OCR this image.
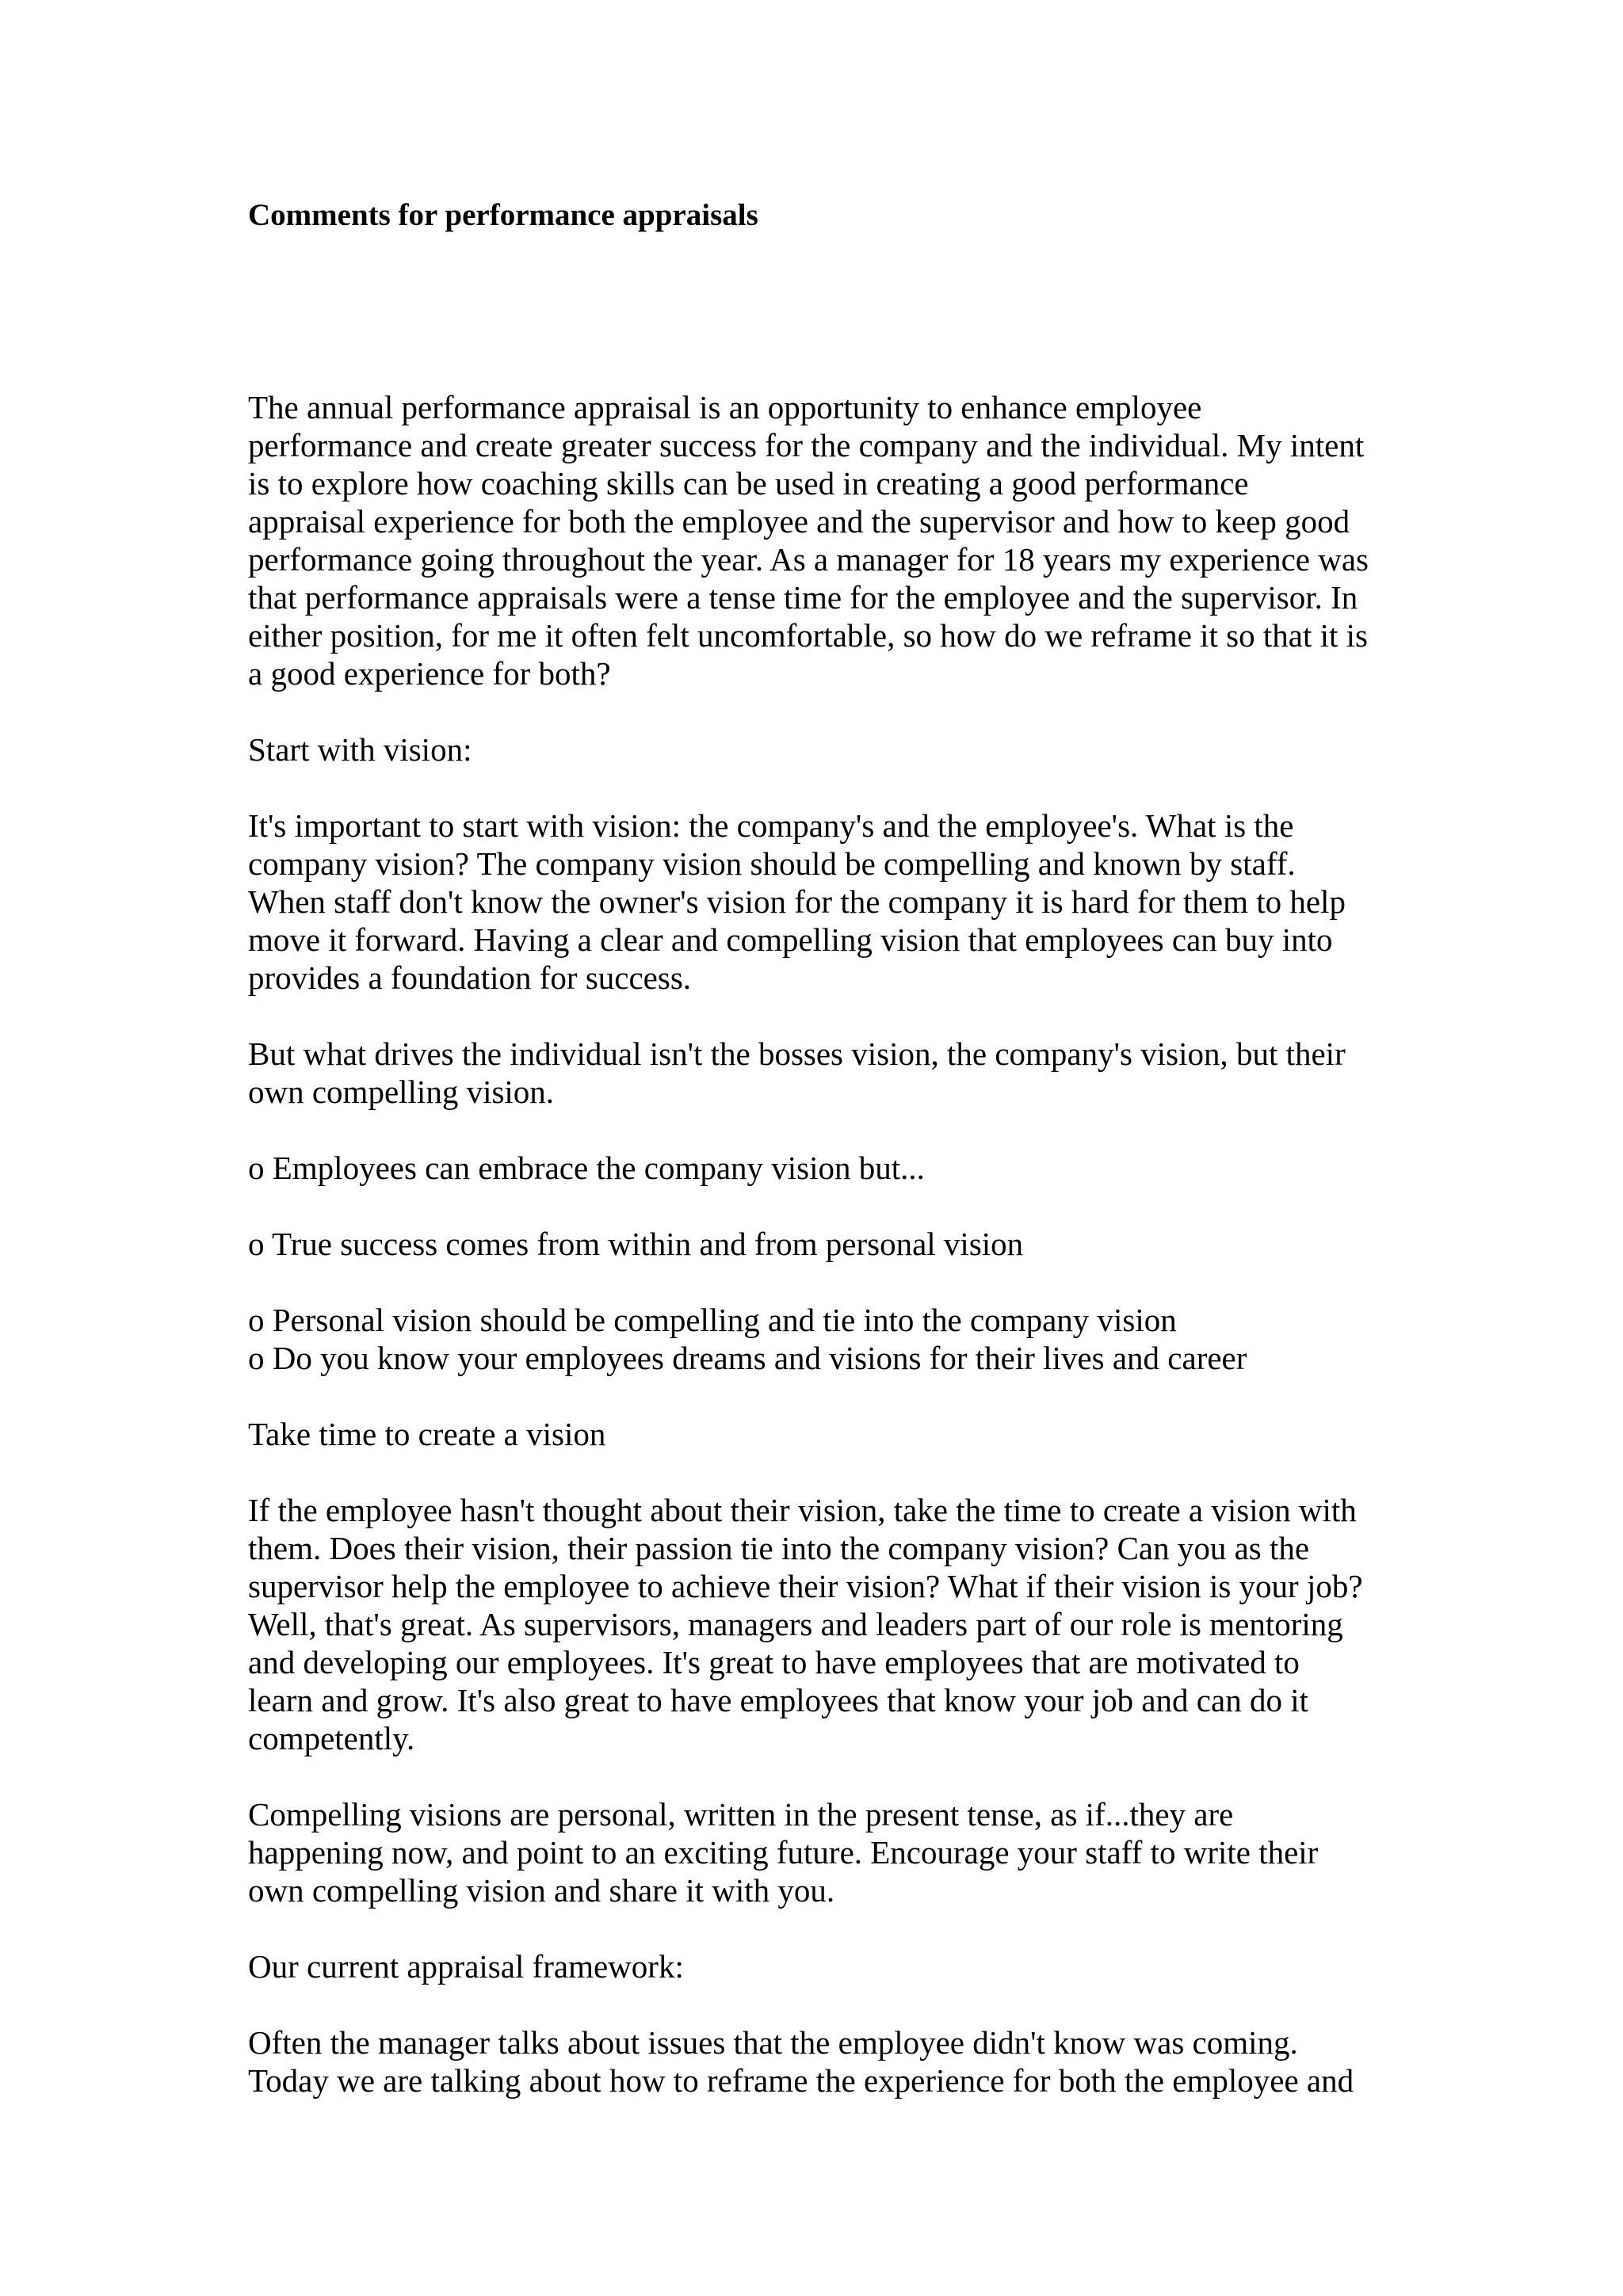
Comments for performance appraisals
The annual performance appraisal is an opportunity to enhance employee
performance and create greater success for the company and the individual. My intent
is to explore how coaching skills can be used in creating a good performance
appraisal experience for both the employee and the supervisor and how to keep good
performance going throughout the year. As a manager for 18 years my experience was
that performance appraisals were a tense time for the employee and the supervisor. In
either position, for me it often felt uncomfortable, so how do we reframe it so that it is
a good experience for both?
Start with vision:
It's important to start with vision: the company's and the employee's. What is the
company vision? The company vision should be compelling and known by staff.
When staff don't know the owner's vision for the company it is hard for them to help
move it forward. Having a clear and compelling vision that employees can buy into
provides a foundation for success.
But what drives the individual isn't the bosses vision, the company's vision, but their
own compelling vision.
o Employees can embrace the company vision but...
o True success comes from within and from personal vision
o Personal vision should be compelling and tie into the company vision
o Do you know your employees dreams and visions for their lives and career
Take time to create a vision
If the employee hasn't thought about their vision, take the time to create a vision with
them. Does their vision, their passion tie into the company vision? Can you as the
supervisor help the employee to achieve their vision? What if their vision is your job?
Well, that's great. As supervisors, managers and leaders part of our role is mentoring
and developing our employees. It's great to have employees that are motivated to
learn and grow. It's also great to have employees that know your job and can do it
competently.
Compelling visions are personal, written in the present tense, as if...they are
happening now, and point to an exciting future. Encourage your staff to write their
own compelling vision and share it with you.
Our current appraisal framework:
Often the manager talks about issues that the employee didn't know was coming.
Today we are talking about how to reframe the experience for both the employee and
